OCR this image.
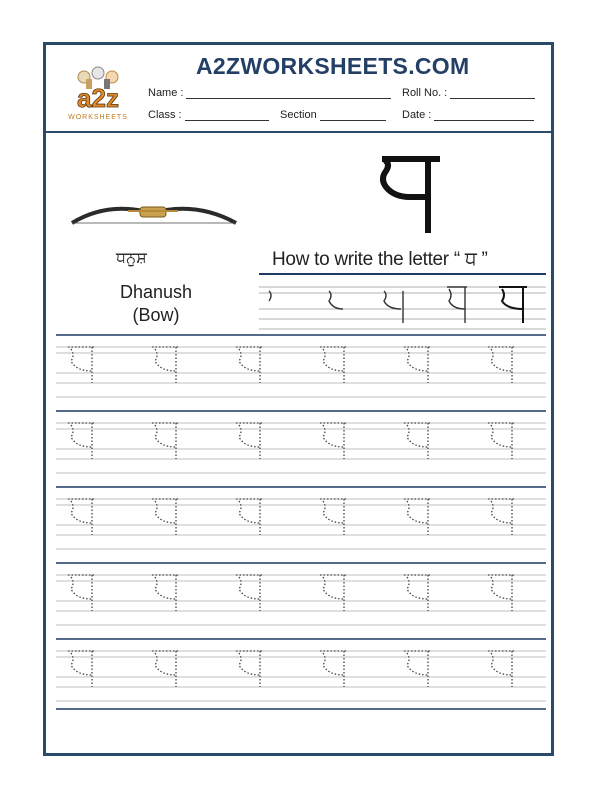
a2z
WORKSHEETS
A2ZWORKSHEETS.COM
Name :	Roll No. :
Class :	Section	Date :
ਧਨੁਸ਼
Dhanush
(Bow)
How to write the letter “ ਧ ”
